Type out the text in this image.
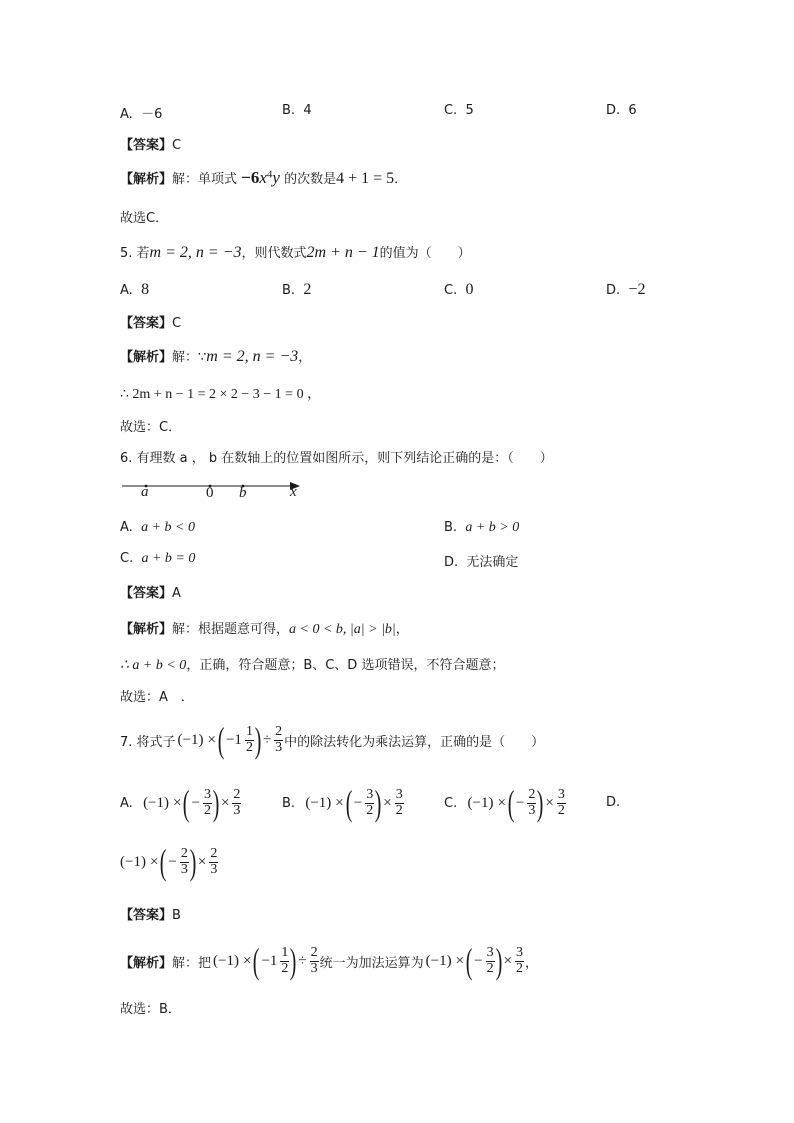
A. －6	B. 4	C. 5	D. 6
【答案】C
【解析】解：单项式 $-6x^4y$ 的次数是4 + 1 = 5．
故选C．
5. 若m = 2, n = −3，则代数式2m + n − 1的值为（　　）
A. 8	B. 2	C. 0	D. −2
【答案】C
【解析】解：∵m = 2, n = −3，
∴ 2m + n − 1 = 2 × 2 − 3 − 1 = 0 ，
故选：C．
6. 有理数 a ， b 在数轴上的位置如图所示，则下列结论正确的是：（　　）
a	0 b	x
A. a + b < 0	B. a + b > 0
C. a + b = 0	D. 无法确定
【答案】A
【解析】解：根据题意可得，a < 0 < b, |a| > |b|，
∴ a + b < 0，正确，符合题意；B、C、D 选项错误，不符合题意；
故选：A　．
7. 将式子 (−1) × ( $-1 \frac{1}{2}$ ) ÷ $\frac{2}{3}$ 中的除法转化为乘法运算，正确的是（　　）
A.
(−1) × ( − $\frac{3}{2}$ ) × $\frac{2}{3}$	B.
(−1) × ( − $\frac{3}{2}$ ) × $\frac{3}{2}$	C.
(−1) × ( − $\frac{2}{3}$ ) × $\frac{3}{2}$	D.
(−1) × ( − $\frac{2}{3}$ ) × $\frac{2}{3}$
【答案】B
【解析】 解：把 (−1) × ( $-1 \frac{1}{2}$ ) ÷ $\frac{2}{3}$ 统一为加法运算为 (−1) × ( − $\frac{3}{2}$ ) × $\frac{3}{2}$ ，
故选：B．
